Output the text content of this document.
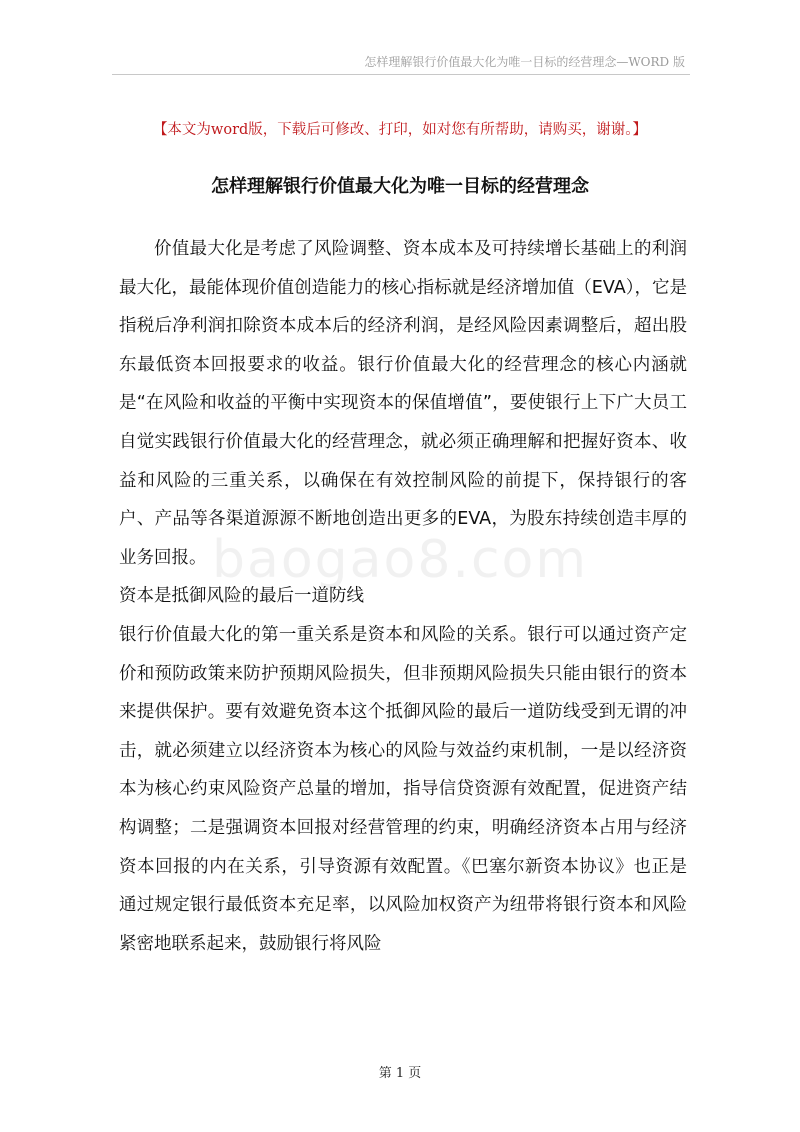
怎样理解银行价值最大化为唯一目标的经营理念—WORD 版
【本文为word版，下载后可修改、打印，如对您有所帮助，请购买，谢谢。】
怎样理解银行价值最大化为唯一目标的经营理念
baogao8.com

价值最大化是考虑了风险调整、资本成本及可持续增长基础上的利润最大化，最能体现价值创造能力的核心指标就是经济增加值（EVA），它是指税后净利润扣除资本成本后的经济利润，是经风险因素调整后，超出股东最低资本回报要求的收益。银行价值最大化的经营理念的核心内涵就是“在风险和收益的平衡中实现资本的保值增值”，要使银行上下广大员工自觉实践银行价值最大化的经营理念，就必须正确理解和把握好资本、收益和风险的三重关系，以确保在有效控制风险的前提下，保持银行的客户、产品等各渠道源源不断地创造出更多的EVA，为股东持续创造丰厚的业务回报。

资本是抵御风险的最后一道防线

银行价值最大化的第一重关系是资本和风险的关系。银行可以通过资产定价和预防政策来防护预期风险损失，但非预期风险损失只能由银行的资本来提供保护。要有效避免资本这个抵御风险的最后一道防线受到无谓的冲击，就必须建立以经济资本为核心的风险与效益约束机制，一是以经济资本为核心约束风险资产总量的增加，指导信贷资源有效配置，促进资产结构调整；二是强调资本回报对经营管理的约束，明确经济资本占用与经济资本回报的内在关系，引导资源有效配置。《巴塞尔新资本协议》也正是通过规定银行最低资本充足率，以风险加权资产为纽带将银行资本和风险紧密地联系起来，鼓励银行将风险

第 1 页
